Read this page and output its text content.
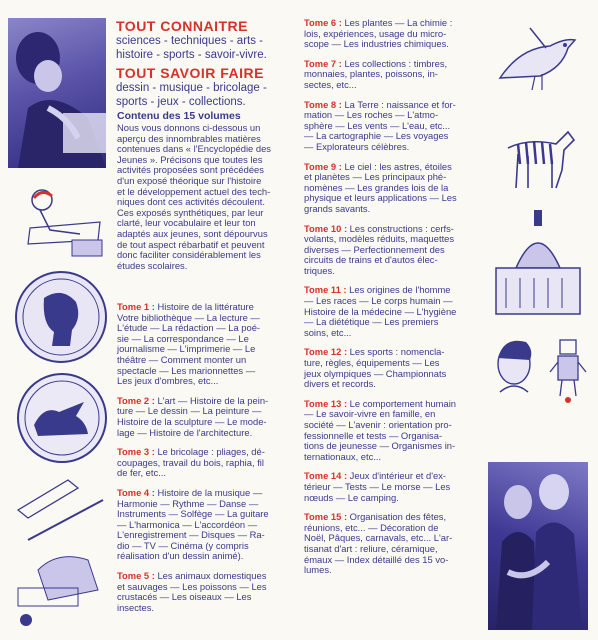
TOUT CONNAITRE
sciences - techniques - arts -
histoire - sports - savoir-vivre.
TOUT SAVOIR FAIRE
dessin - musique - bricolage -
sports - jeux - collections.
Contenu des 15 volumes
Nous vous donnons ci-dessous un
aperçu des innombrables matières
contenues dans « l'Encyclopédie des
Jeunes ». Précisons que toutes les
activités proposées sont précédées
d'un exposé théorique sur l'histoire
et le développement actuel des tech-
niques dont ces activités découlent.
Ces exposés synthétiques, par leur
clarté, leur vocabulaire et leur ton
adaptés aux jeunes, sont dépourvus
de tout aspect rébarbatif et peuvent
donc faciliter considérablement les
études scolaires.
Tome 1 : Histoire de la littérature
Votre bibliothèque — La lecture —
L'étude — La rédaction — La poé-
sie — La correspondance — Le
journalisme — L'imprimerie — Le
théâtre — Comment monter un
spectacle — Les marionnettes —
Les jeux d'ombres, etc...
Tome 2 : L'art — Histoire de la pein-
ture — Le dessin — La peinture —
Histoire de la sculpture — Le mode-
lage — Histoire de l'architecture.
Tome 3 : Le bricolage : pliages, dé-
coupages, travail du bois, raphia, fil
de fer, etc...
Tome 4 : Histoire de la musique —
Harmonie — Rythme — Danse —
Instruments — Solfège — La guitare
— L'harmonica — L'accordéon —
L'enregistrement — Disques — Ra-
dio — TV — Cinéma (y compris
réalisation d'un dessin animé).
Tome 5 : Les animaux domestiques
et sauvages — Les poissons — Les
crustacés — Les oiseaux — Les
insectes.
Tome 6 : Les plantes — La chimie :
lois, expériences, usage du micro-
scope — Les industries chimiques.
Tome 7 : Les collections : timbres,
monnaies, plantes, poissons, in-
sectes, etc...
Tome 8 : La Terre : naissance et for-
mation — Les roches — L'atmo-
sphère — Les vents — L'eau, etc...
— La cartographie — Les voyages
— Explorateurs célèbres.
Tome 9 : Le ciel : les astres, étoiles
et planètes — Les principaux phé-
nomènes — Les grandes lois de la
physique et leurs applications — Les
grands savants.
Tome 10 : Les constructions : cerfs-
volants, modèles réduits, maquettes
diverses — Perfectionnement des
circuits de trains et d'autos élec-
triques.
Tome 11 : Les origines de l'homme
— Les races — Le corps humain —
Histoire de la médecine — L'hygiène
— La diététique — Les premiers
soins, etc...
Tome 12 : Les sports : nomencla-
ture, règles, équipements — Les
jeux olympiques — Championnats
divers et records.
Tome 13 : Le comportement humain
— Le savoir-vivre en famille, en
société — L'avenir : orientation pro-
fessionnelle et tests — Organisa-
tions de jeunesse — Organismes in-
ternationaux, etc...
Tome 14 : Jeux d'intérieur et d'ex-
térieur — Tests — Le morse — Les
nœuds — Le camping.
Tome 15 : Organisation des fêtes,
réunions, etc... — Décoration de
Noël, Pâques, carnavals, etc... L'ar-
tisanat d'art : reliure, céramique,
émaux — Index détaillé des 15 vo-
lumes.
